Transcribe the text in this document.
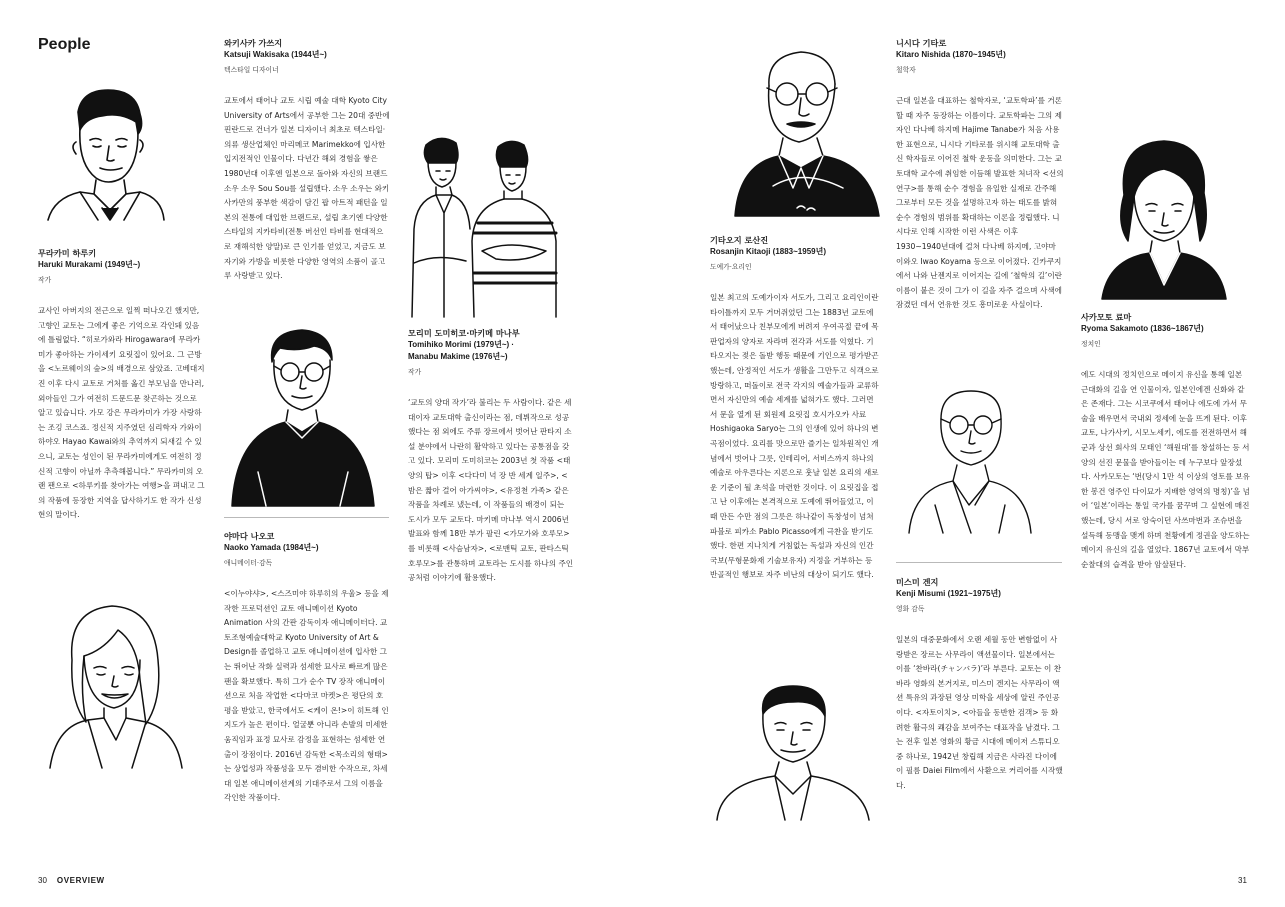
People
무라카미 하루키
Haruki Murakami (1949년~)
작가
교사인 아버지의 전근으로 일찍 떠나오긴 했지만, 고향인 교토는 그에게 좋은 기억으로 각인돼 있음에 틀림없다. “히로가와라 Hirogawara에 무라카미가 좋아하는 가이세키 요릿집이 있어요. 그 근방을 <노르웨이의 숲>의 배경으로 삼았죠. 고베대지진 이후 다시 교토로 거처를 옮긴 부모님을 만나러, 외아들인 그가 여전히 드문드문 찾곤하는 것으로 알고 있습니다. 가모 강은 무라카미가 가장 사랑하는 조깅 코스죠. 정신적 지주였던 심리학자 가와이 하야오 Hayao Kawai와의 추억까지 되새길 수 있으니, 교토는 성인이 된 무라카미에게도 여전히 정신적 고향이 아닐까 추측해봅니다.” 무라카미의 오랜 팬으로 <하루키를 찾아가는 여행>을 펴내고 그의 작품에 등장한 지역을 답사하기도 한 작가 신성현의 말이다.
와키사카 가쓰지
Katsuji Wakisaka (1944년~)
텍스타일 디자이너
교토에서 태어나 교토 시립 예술 대학 Kyoto City University of Arts에서 공부한 그는 20대 중반에 핀란드로 건너가 일본 디자이너 최초로 텍스타일·의류 생산업체인 마리메코 Marimekko에 입사한 입지전적인 인물이다. 다년간 해외 경험을 쌓은 1980년대 이후엔 일본으로 돌아와 자신의 브랜드 소우 소우 Sou Sou를 설립했다. 소우 소우는 와키사카만의 풍부한 색감이 담긴 팝 아트적 패턴을 일본의 전통에 대입한 브랜드로, 설립 초기엔 다양한 스타일의 지카타비(전통 버선인 타비를 현대적으로 재해석한 양말)로 큰 인기를 얻었고, 지금도 보자기와 가방을 비롯한 다양한 영역의 소품이 골고루 사랑받고 있다.
야마다 나오코
Naoko Yamada (1984년~)
애니메이터·감독
<이누야샤>, <스즈미야 하루히의 우울> 등을 제작한 프로덕션인 교토 애니메이션 Kyoto Animation 사의 간판 감독이자 애니메이터다. 교토조형예술대학교 Kyoto University of Art & Design를 졸업하고 교토 애니메이션에 입사한 그는 뛰어난 작화 실력과 섬세한 묘사로 빠르게 많은 팬을 확보했다. 특히 그가 순수 TV 장작 애니메이션으로 처음 작업한 <다마코 마켓>은 평단의 호평을 받았고, 한국에서도 <케이 온!>이 히트해 인지도가 높은 편이다. 얼굴뿐 아니라 손발의 미세한 움직임과 표정 묘사로 감정을 표현하는 섬세한 연출이 장점이다. 2016년 감독한 <목소리의 형태>는 상업성과 작품성을 모두 겸비한 수작으로, 차세대 일본 애니메이션계의 기대주로서 그의 이름을 각인한 작품이다.
모리미 도미히코·마키메 마나부
Tomihiko Morimi (1979년~) ·
Manabu Makime (1976년~)
작가
‘교토의 양대 작가’라 불리는 두 사람이다. 같은 세대이자 교토대학 출신이라는 점, 데뷔작으로 성공했다는 점 외에도 주류 장르에서 벗어난 판타지 소설 분야에서 나란히 활약하고 있다는 공통점을 갖고 있다. 모리미 도미히코는 2003년 첫 작품 <태양의 탑> 이후 <다다미 넉 장 반 세계 일주>, <밤은 짧아 걸어 아가씨야>, <유정천 가족> 같은 작품을 차례로 냈는데, 이 작품들의 배경이 되는 도시가 모두 교토다. 마키메 마나부 역시 2006년 발표와 함께 18만 부가 팔린 <가모가와 호루모>를 비롯해 <사슴남자>, <로맨틱 교토, 판타스틱 호루모>를 관통하며 교토라는 도시를 하나의 주인공처럼 이야기에 활용했다.
기타오지 로산진
Rosanjin Kitaoji (1883~1959년)
도예가·요리인
일본 최고의 도예가이자 서도가, 그리고 요리인이란 타이틀까지 모두 거머쥐었던 그는 1883년 교토에서 태어났으나 친부모에게 버려져 우여곡절 끝에 목판업자의 양자로 자라며 전각과 서도를 익혔다. 기타오지는 젖은 돌받 행동 때문에 기인으로 평가받곤 했는데, 안정적인 서도가 생활을 그만두고 식객으로 방랑하고, 떠돌이로 전국 각지의 예술가들과 교류하면서 자신만의 예술 세계를 넓혀가도 했다. 그러면서 문을 열게 된 회원제 요릿집 호시가오카 사료 Hoshigaoka Saryo는 그의 인생에 있어 하나의 변곡점이었다. 요리를 맛으로만 즐기는 일차원적인 개념에서 벗어나 그릇, 인테리어, 서비스까지 하나의 예술로 아우른다는 지론으로 훗날 일본 요리의 새로운 기준이 될 초석을 마련한 것이다. 이 요릿집을 접고 난 이후에는 본격적으로 도예에 뛰어들었고, 이때 만든 수만 점의 그릇은 하나같이 독창성이 넘쳐 파블로 피카소 Pablo Picasso에게 극찬을 받기도 했다. 한편 지나치게 거침없는 독설과 자신의 인간국보(무형문화재 기술보유자) 지정을 거부하는 등 반골적인 행보로 자주 비난의 대상이 되기도 했다.
니시다 기타로
Kitaro Nishida (1870~1945년)
철학자
근대 일본을 대표하는 철학자로, ‘교토학파’를 거론할 때 자주 등장하는 이름이다. 교토학파는 그의 제자인 다나베 하지메 Hajime Tanabe가 처음 사용한 표현으로, 니시다 기타로를 위시해 교토대학 출신 학자들로 이어진 철학 운동을 의미한다. 그는 교토대학 교수에 취임한 이듬해 발표한 처녀작 <선의 연구>를 통해 순수 경험을 유일한 실재로 간주해 그로부터 모든 것을 설명하고자 하는 태도를 밝혀 순수 경험의 범위를 확대하는 이론을 정립했다. 니시다로 인해 시작한 이런 사색은 이후 1930~1940년대에 걸쳐 다나베 하지메, 고야마 이와오 Iwao Koyama 등으로 이어졌다. 긴카쿠지에서 나와 난젠지로 이어지는 길에 ‘철학의 길’이란 이름이 붙은 것이 그가 이 길을 자주 걸으며 사색에 잠겼던 데서 연유한 것도 흥미로운 사실이다.
미스미 겐지
Kenji Misumi (1921~1975년)
영화 감독
일본의 대중문화에서 오랜 세월 동안 변함없이 사랑받은 장르는 사무라이 액션물이다. 일본에서는 이를 ‘찬바라(チャンバラ)’라 부른다. 교토는 이 찬바라 영화의 본거지로, 미스미 겐지는 사무라이 액션 특유의 과장된 영상 미학을 세상에 알린 주인공이다. <자토이치>, <아들을 동반한 검객> 등 화려한 활극의 쾌감을 보여주는 대표작을 남겼다. 그는 전후 일본 영화의 황금 시대에 메이저 스튜디오 중 하나로, 1942년 창립해 지금은 사라진 다이에이 필름 Daiei Film에서 사환으로 커리어를 시작했다.
사카모토 료마
Ryoma Sakamoto (1836~1867년)
정치인
에도 시대의 정치인으로 메이지 유신을 통해 일본 근대화의 길을 연 인물이자, 일본인에겐 신화와 같은 존재다. 그는 시코쿠에서 태어나 에도에 가서 무술을 배우면서 국내외 정세에 눈을 뜨게 된다. 이후 교토, 나가사키, 시모노세키, 에도를 전전하면서 해군과 상선 회사의 모태인 ‘해원대’를 창설하는 등 서양의 선진 문물을 받아들이는 데 누구보다 앞장섰다. 사카모토는 ‘번(당시 1만 석 이상의 영토를 보유한 봉건 영주인 다이묘가 지배한 영역의 명칭)’을 넘어 ‘일본’이라는 통일 국가를 꿈꾸며 그 실현에 매진했는데, 당시 서로 앙숙이던 사쓰마번과 조슈번을 설득해 동맹을 맺게 하며 천황에게 정권을 양도하는 메이지 유신의 길을 열었다. 1867년 교토에서 막부 순찰대의 습격을 받아 암살된다.
30 OVERVIEW	31
